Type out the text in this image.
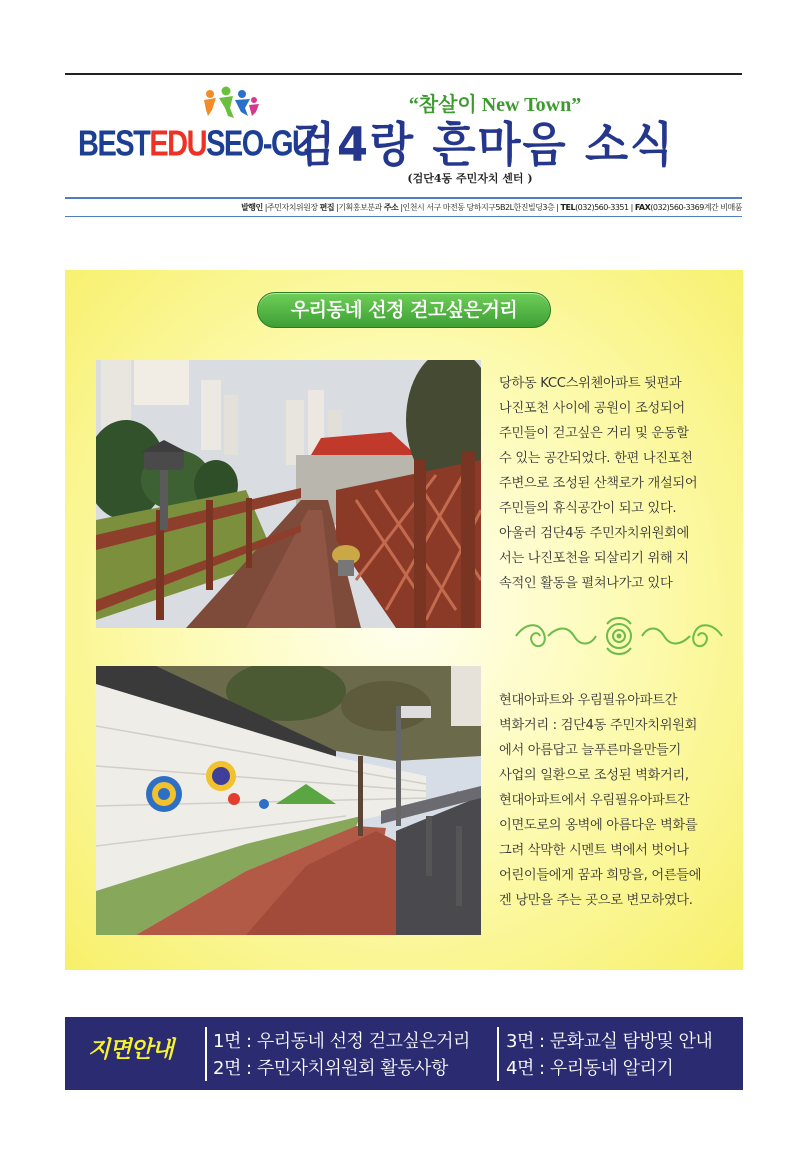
BESTEDUSEO-GU
“참살이 New Town”
검4랑 흔마음 소식
(검단4동 주민자치 센터 )
발행인 |주민자치위원장 편집 |기획홍보분과 주소 |인천시 서구 마전동 당하지구5B2L한진빌딩3층 | TEL(032)560-3351 | FAX(032)560-3369계간 비매품
우리동네 선정 걷고싶은거리
당하동 KCC스위첸아파트 뒷편과
나진포천 사이에 공원이 조성되어
주민들이 걷고싶은 거리 및 운동할
수 있는 공간되었다. 한편 나진포천
주변으로 조성된 산책로가 개설되어
주민들의 휴식공간이 되고 있다.
아울러 검단4동 주민자치위원회에
서는 나진포천을 되살리기 위해 지
속적인 활동을 펼쳐나가고 있다
현대아파트와 우림필유아파트간
벽화거리 : 검단4동 주민자치위원회
에서 아름답고 늘푸른마을만들기
사업의 일환으로 조성된 벽화거리,
현대아파트에서 우림필유아파트간
이면도로의 옹벽에 아름다운 벽화를
그려 삭막한 시멘트 벽에서 벗어나
어린이들에게 꿈과 희망을, 어른들에
겐 낭만을 주는 곳으로 변모하였다.
지면안내 1면 : 우리동네 선정 걷고싶은거리
2면 : 주민자치위원회 활동사항
3면 : 문화교실 탐방및 안내
4면 : 우리동네 알리기
